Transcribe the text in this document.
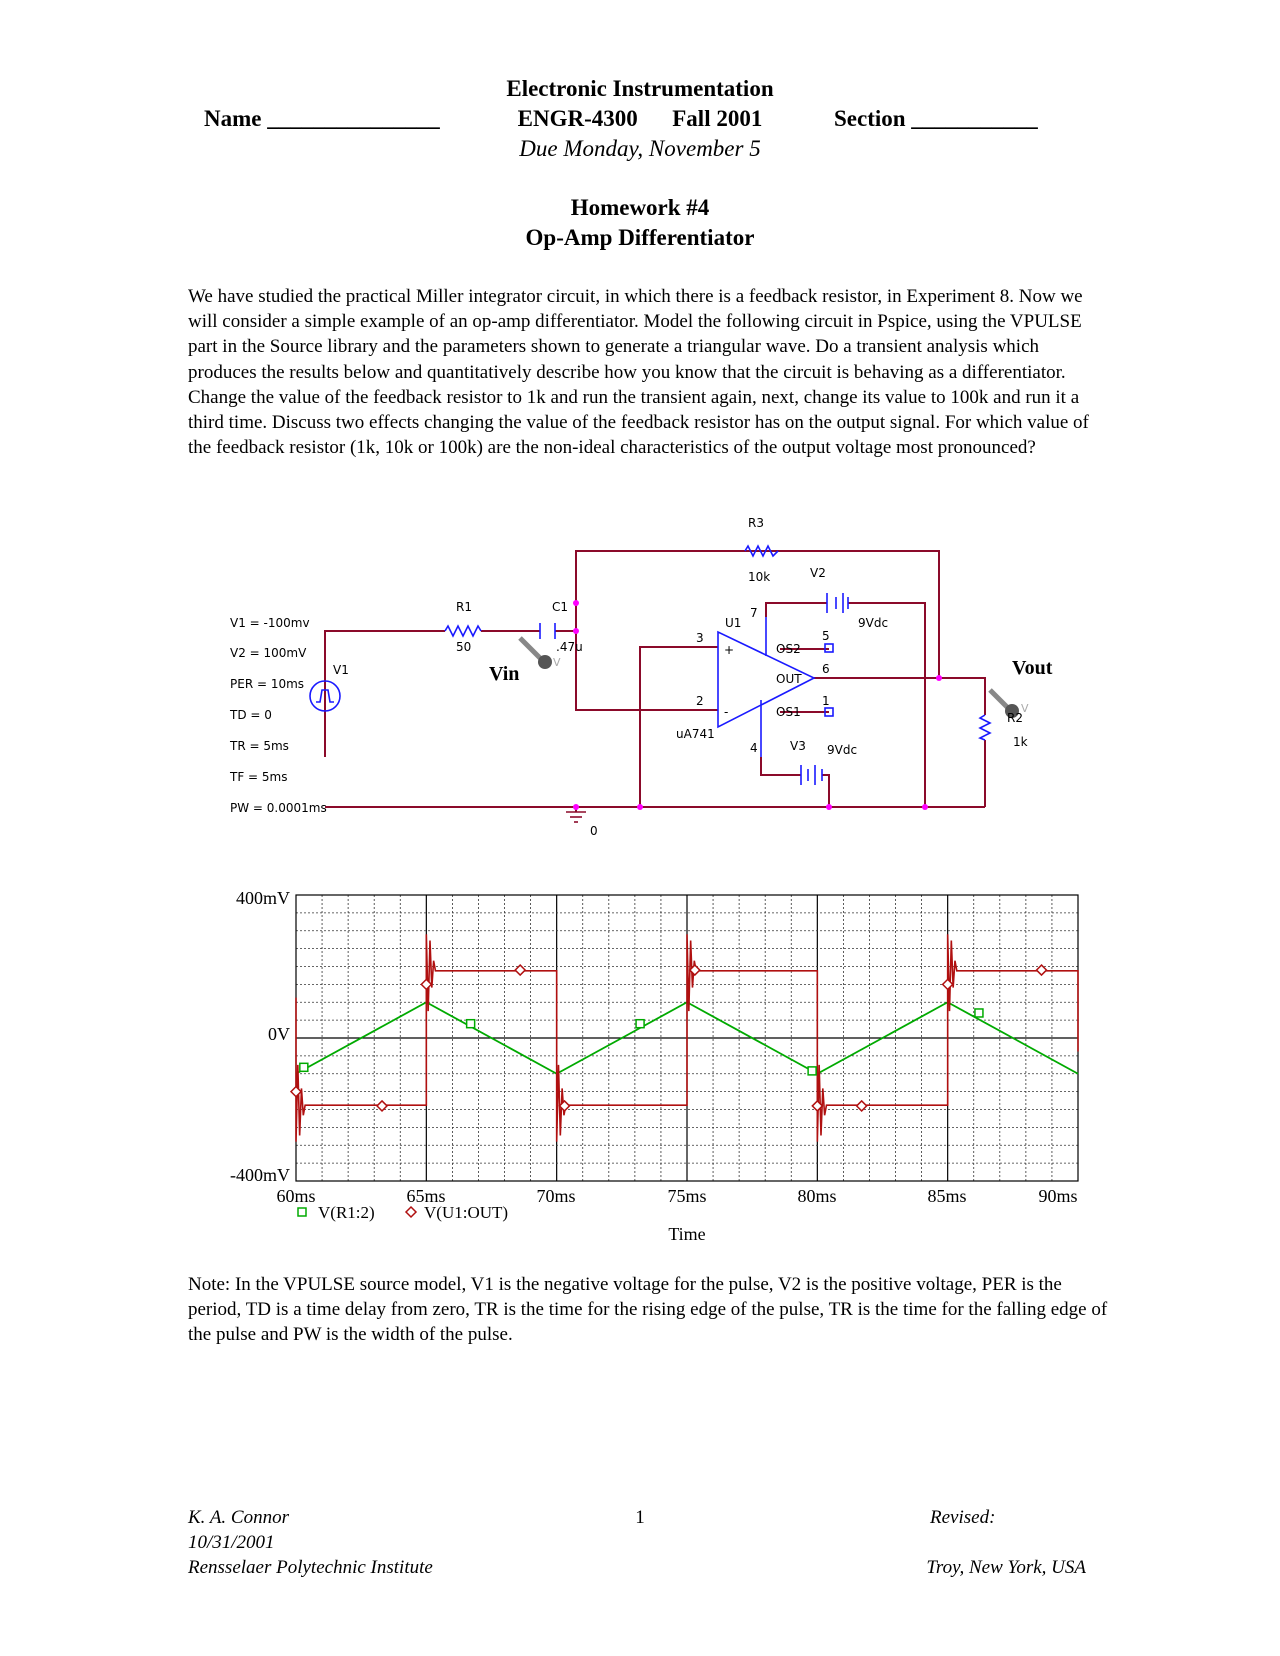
Electronic Instrumentation
Name _______________	ENGR-4300      Fall 2001	Section ___________
Due Monday, November 5
Homework #4
Op-Amp Differentiator

We have studied the practical Miller integrator circuit, in which there is a feedback resistor, in Experiment 8. Now we will consider a simple example of an op-amp differentiator. Model the following circuit in Pspice, using the VPULSE part in the Source library and the parameters shown to generate a triangular wave. Do a transient analysis which produces the results below and quantitatively describe how you know that the circuit is behaving as a differentiator. Change the value of the feedback resistor to 1k and run the transient again, next, change its value to 100k and run it a third time. Discuss two effects changing the value of the feedback resistor has on the output signal. For which value of the feedback resistor (1k, 10k or 100k) are the non-ideal characteristics of the output voltage most pronounced?

V1 = -100mv
V2 = 100mV
PER = 10ms
TD = 0
TR = 5ms
TF = 5ms
PW = 0.0001ms
V1
R1
50
C1
.47u
R3
10k	V2
9Vdc
V3 9Vdc
U1
uA741
3
2
7
4
5
6
1
OS2
OUT
OS1
+
-	R2
1k
0
V
V
Vin	Vout
400mV
0V
-400mV
60ms	65ms	70ms	75ms	80ms	85ms	90ms
Time
V(R1:2)	V(U1:OUT)

Note: In the VPULSE source model, V1 is the negative voltage for the pulse, V2 is the positive voltage, PER is the period, TD is a time delay from zero, TR is the time for the rising edge of the pulse, TR is the time for the falling edge of the pulse and PW is the width of the pulse.

K. A. Connor
10/31/2001
Rensselaer Polytechnic Institute
1	Revised:

Troy, New York, USA
